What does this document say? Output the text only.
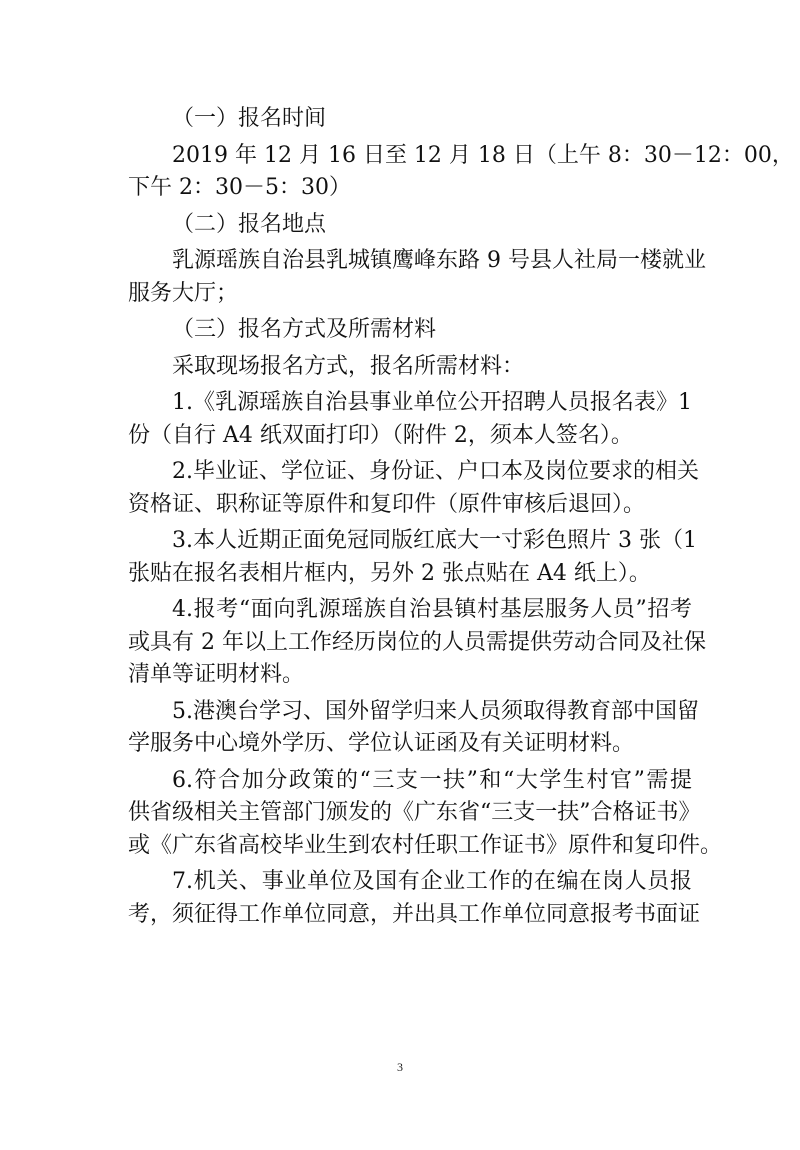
（一）报名时间
2019 年 12 月 16 日至 12 月 18 日（上午 8：30－12：00，
下午 2：30－5：30）
（二）报名地点
乳源瑶族自治县乳城镇鹰峰东路 9 号县人社局一楼就业
服务大厅；
（三）报名方式及所需材料
采取现场报名方式，报名所需材料：
1.《乳源瑶族自治县事业单位公开招聘人员报名表》1
份（自行 A4 纸双面打印）（附件 2，须本人签名）。
2.毕业证、学位证、身份证、户口本及岗位要求的相关
资格证、职称证等原件和复印件（原件审核后退回）。
3.本人近期正面免冠同版红底大一寸彩色照片 3 张（1
张贴在报名表相片框内，另外 2 张点贴在 A4 纸上）。
4.报考“面向乳源瑶族自治县镇村基层服务人员”招考
或具有 2 年以上工作经历岗位的人员需提供劳动合同及社保
清单等证明材料。
5.港澳台学习、国外留学归来人员须取得教育部中国留
学服务中心境外学历、学位认证函及有关证明材料。
6.符合加分政策的“三支一扶”和“大学生村官”需提
供省级相关主管部门颁发的《广东省“三支一扶”合格证书》
或《广东省高校毕业生到农村任职工作证书》原件和复印件。
7.机关、事业单位及国有企业工作的在编在岗人员报
考，须征得工作单位同意，并出具工作单位同意报考书面证
3
